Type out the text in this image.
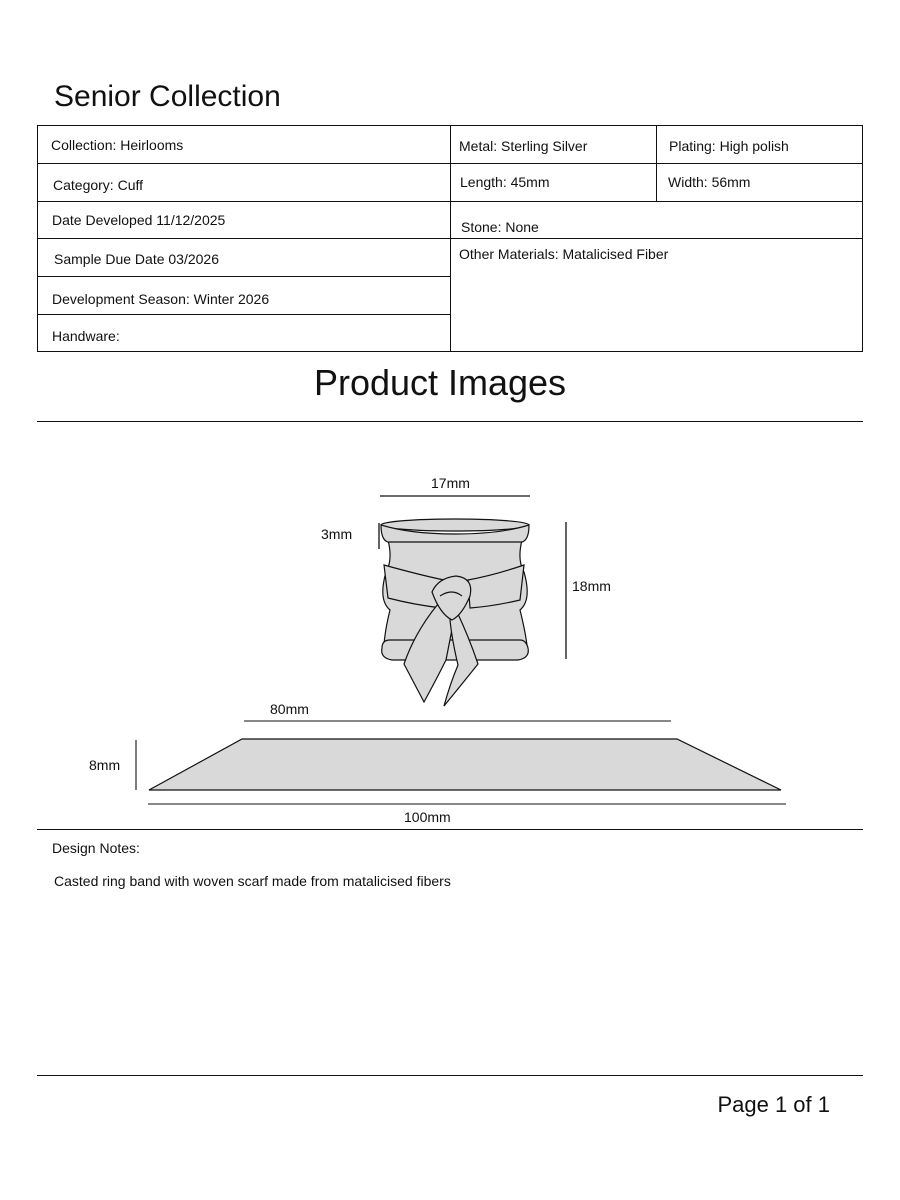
Senior Collection
Collection: Heirlooms
Category: Cuff
Date Developed 11/12/2025
Sample Due Date 03/2026
Development Season: Winter 2026
Handware:
Metal: Sterling Silver	Plating: High polish
Length: 45mm	Width: 56mm
Stone: None
Other Materials: Matalicised Fiber
Product Images
17mm
3mm
18mm
80mm
8mm
100mm
Design Notes:
Casted ring band with woven scarf made from matalicised fibers
Page 1 of 1
